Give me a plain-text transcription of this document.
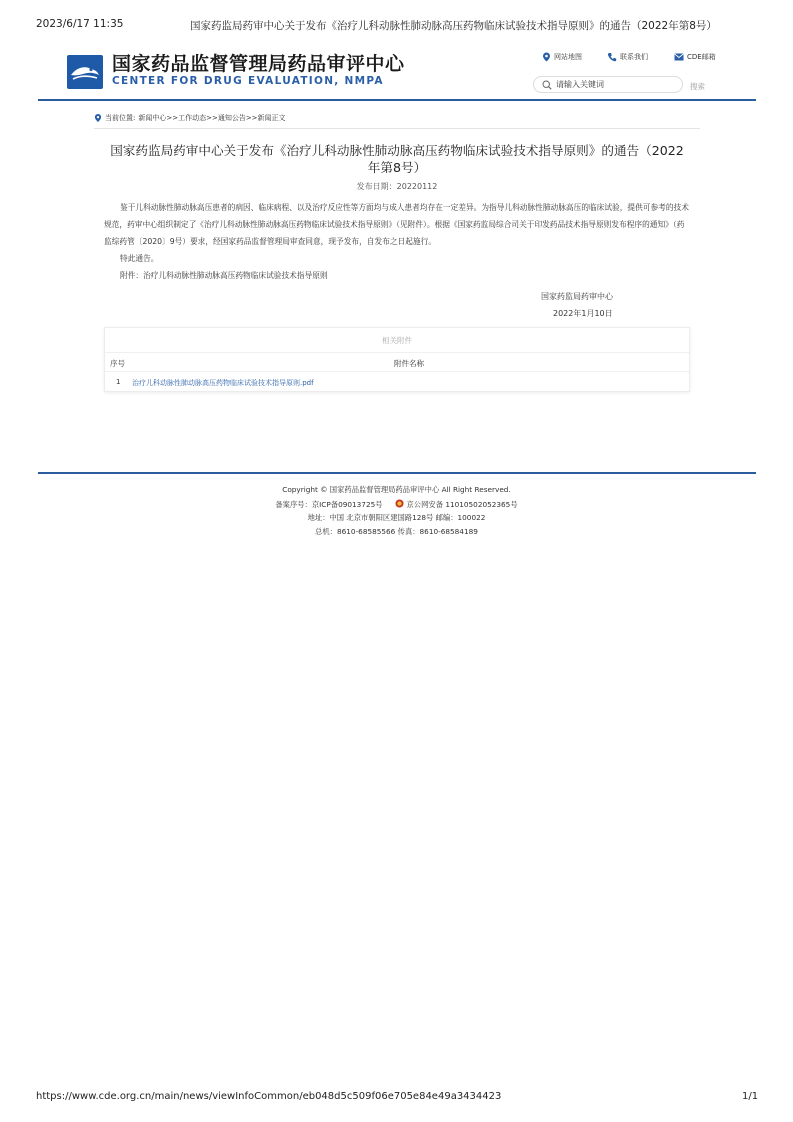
2023/6/17 11:35	国家药监局药审中心关于发布《治疗儿科动脉性肺动脉高压药物临床试验技术指导原则》的通告（2022年第8号）
国家药品监督管理局药品审评中心
CENTER FOR DRUG EVALUATION, NMPA
网站地图	联系我们	CDE邮箱
请输入关键词	搜索
当前位置: 新闻中心>>工作动态>>通知公告>>新闻正文
国家药监局药审中心关于发布《治疗儿科动脉性肺动脉高压药物临床试验技术指导原则》的通告（2022年第8号）
发布日期：20220112

鉴于儿科动脉性肺动脉高压患者的病因、临床病程、以及治疗反应性等方面均与成人患者均存在一定差异。为指导儿科动脉性肺动脉高压的临床试验，提供可参考的技术规范，药审中心组织制定了《治疗儿科动脉性肺动脉高压药物临床试验技术指导原则》（见附件）。根据《国家药监局综合司关于印发药品技术指导原则发布程序的通知》（药监综药管〔2020〕9号）要求，经国家药品监督管理局审查同意，现予发布，自发布之日起施行。

特此通告。

附件：治疗儿科动脉性肺动脉高压药物临床试验技术指导原则

国家药监局药审中心
2022年1月10日
相关附件
序号	附件名称
1 治疗儿科动脉性肺动脉高压药物临床试验技术指导原则.pdf
Copyright © 国家药品监督管理局药品审评中心 All Right Reserved.
备案序号：京ICP备09013725号	京公网安备 11010502052365号
地址：中国 北京市朝阳区建国路128号 邮编：100022
总机：8610-68585566 传真：8610-68584189
https://www.cde.org.cn/main/news/viewInfoCommon/eb048d5c509f06e705e84e49a3434423	1/1
